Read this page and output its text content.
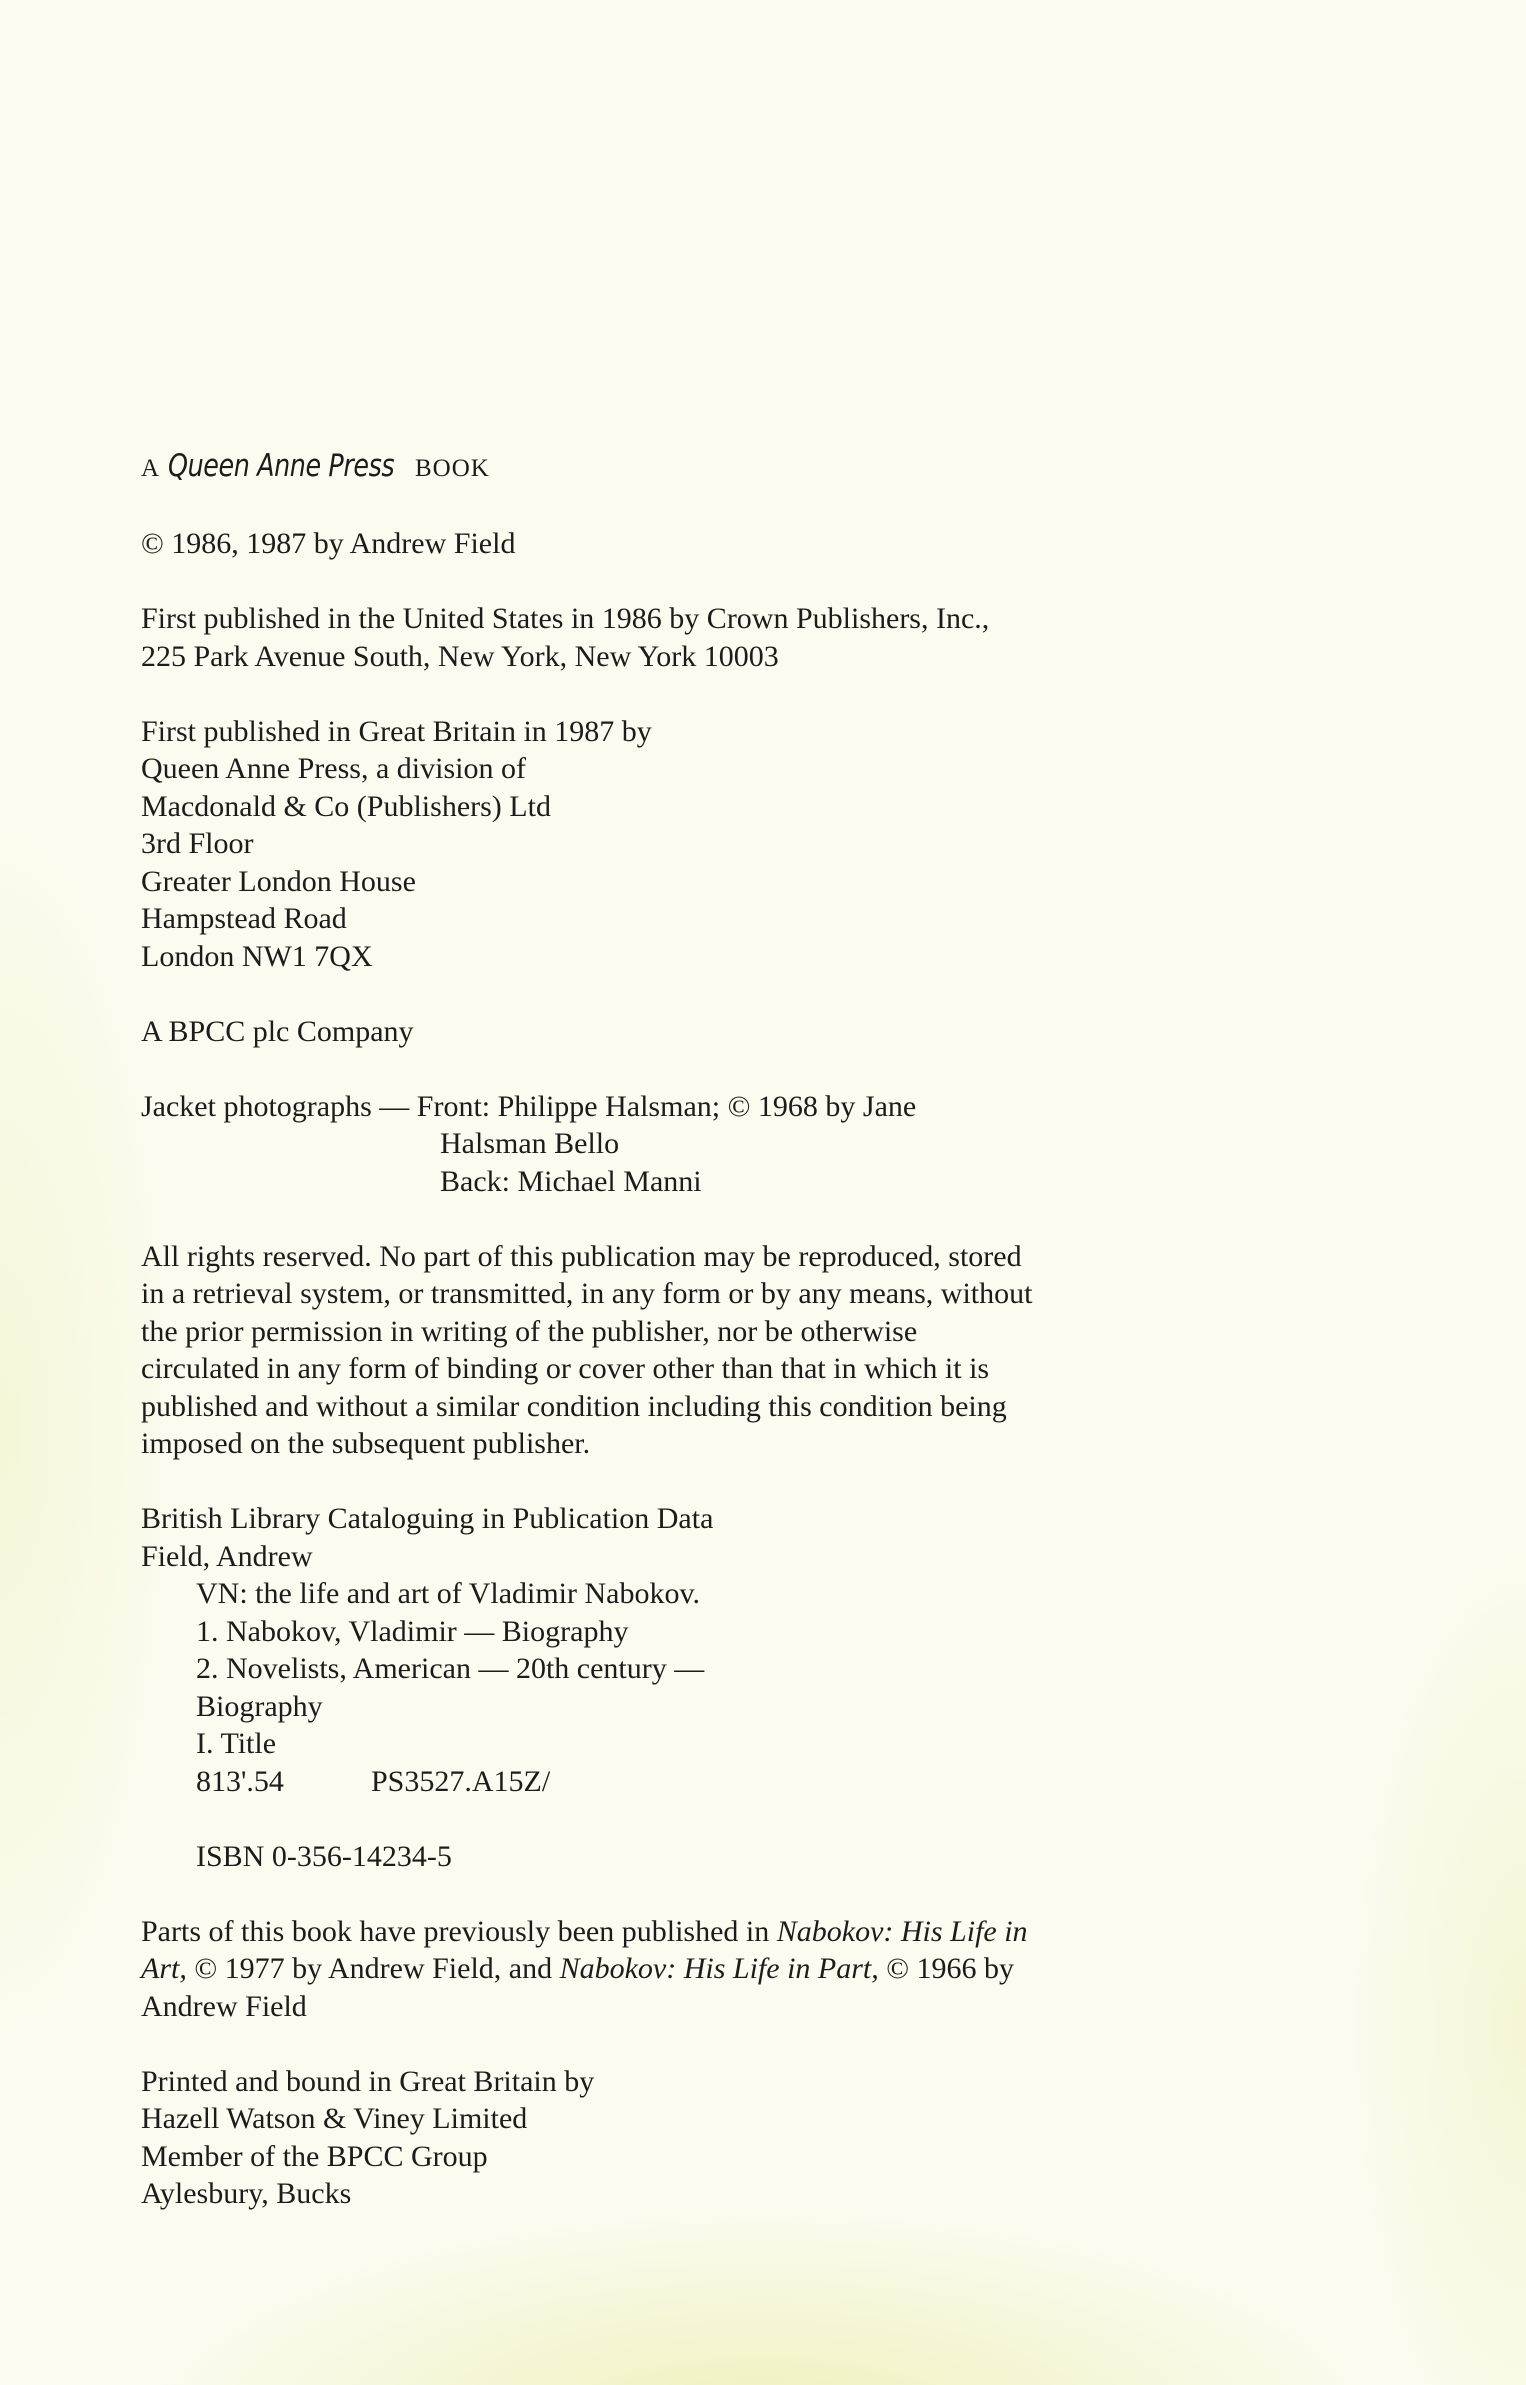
A Queen Anne Press BOOK
© 1986, 1987 by Andrew Field
First published in the United States in 1986 by Crown Publishers, Inc.,
225 Park Avenue South, New York, New York 10003
First published in Great Britain in 1987 by
Queen Anne Press, a division of
Macdonald & Co (Publishers) Ltd
3rd Floor
Greater London House
Hampstead Road
London NW1 7QX
A BPCC plc Company
Jacket photographs — Front: Philippe Halsman; © 1968 by Jane
Halsman Bello
Back: Michael Manni
All rights reserved. No part of this publication may be reproduced, stored
in a retrieval system, or transmitted, in any form or by any means, without
the prior permission in writing of the publisher, nor be otherwise
circulated in any form of binding or cover other than that in which it is
published and without a similar condition including this condition being
imposed on the subsequent publisher.
British Library Cataloguing in Publication Data
Field, Andrew
VN: the life and art of Vladimir Nabokov.
1. Nabokov, Vladimir — Biography
2. Novelists, American — 20th century —
Biography
I. Title
813'.54	PS3527.A15Z/

ISBN 0-356-14234-5
Parts of this book have previously been published in Nabokov: His Life in
Art, © 1977 by Andrew Field, and Nabokov: His Life in Part, © 1966 by
Andrew Field
Printed and bound in Great Britain by
Hazell Watson & Viney Limited
Member of the BPCC Group
Aylesbury, Bucks
